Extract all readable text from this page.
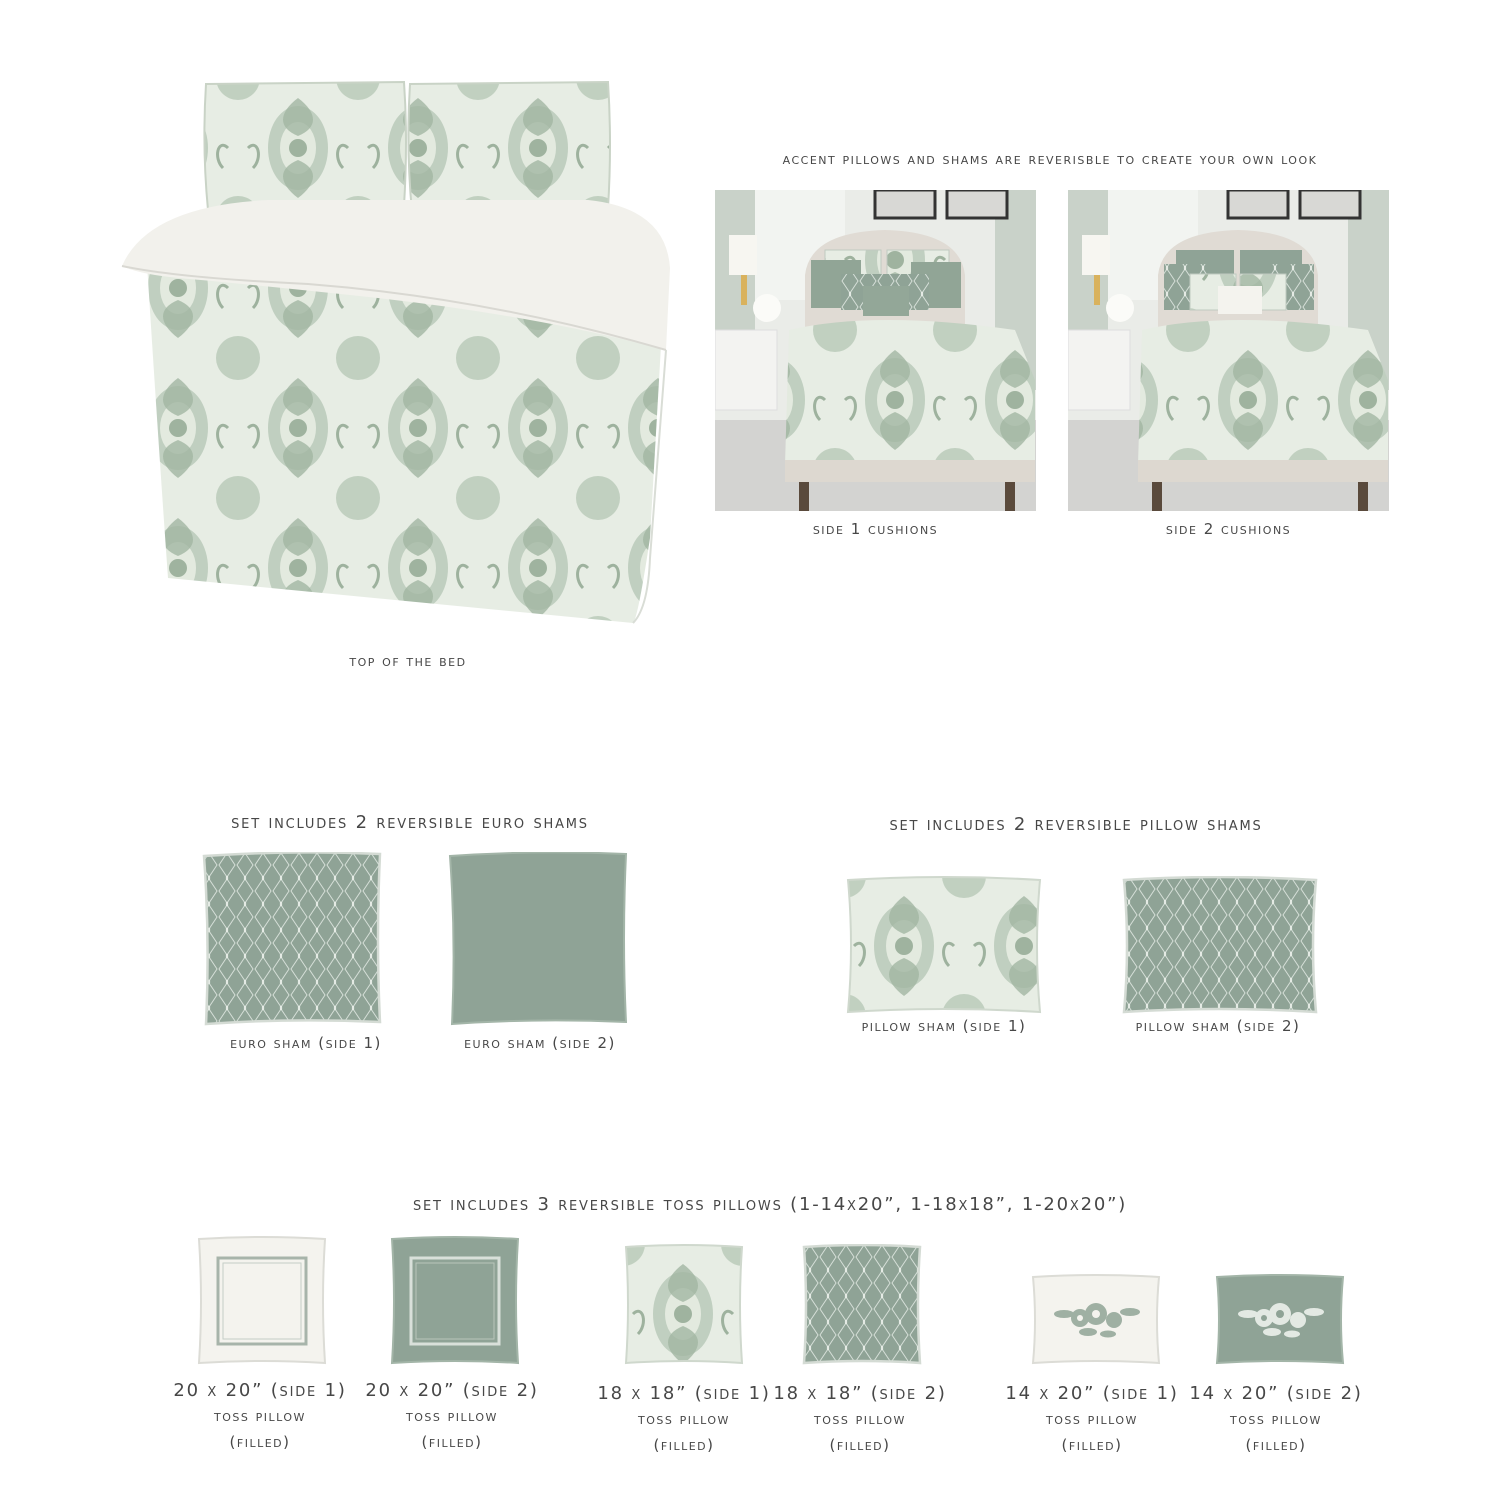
top of the bed
accent pillows and shams are reverisble to create your own look
side 1 cushions	side 2 cushions
set includes 2 reversible euro shams
euro sham (side 1)	euro sham (side 2)
set includes 2 reversible pillow shams
pillow sham (side 1)	pillow sham (side 2)
set includes 3 reversible toss pillows (1-14x20”, 1-18x18”, 1-20x20”)
20 x 20” (side 1)
toss pillow
(filled)
20 x 20” (side 2)
toss pillow
(filled)
18 x 18” (side 1)
toss pillow
(filled)
18 x 18” (side 2)
toss pillow
(filled)
14 x 20” (side 1)
toss pillow
(filled)
14 x 20” (side 2)
toss pillow
(filled)
